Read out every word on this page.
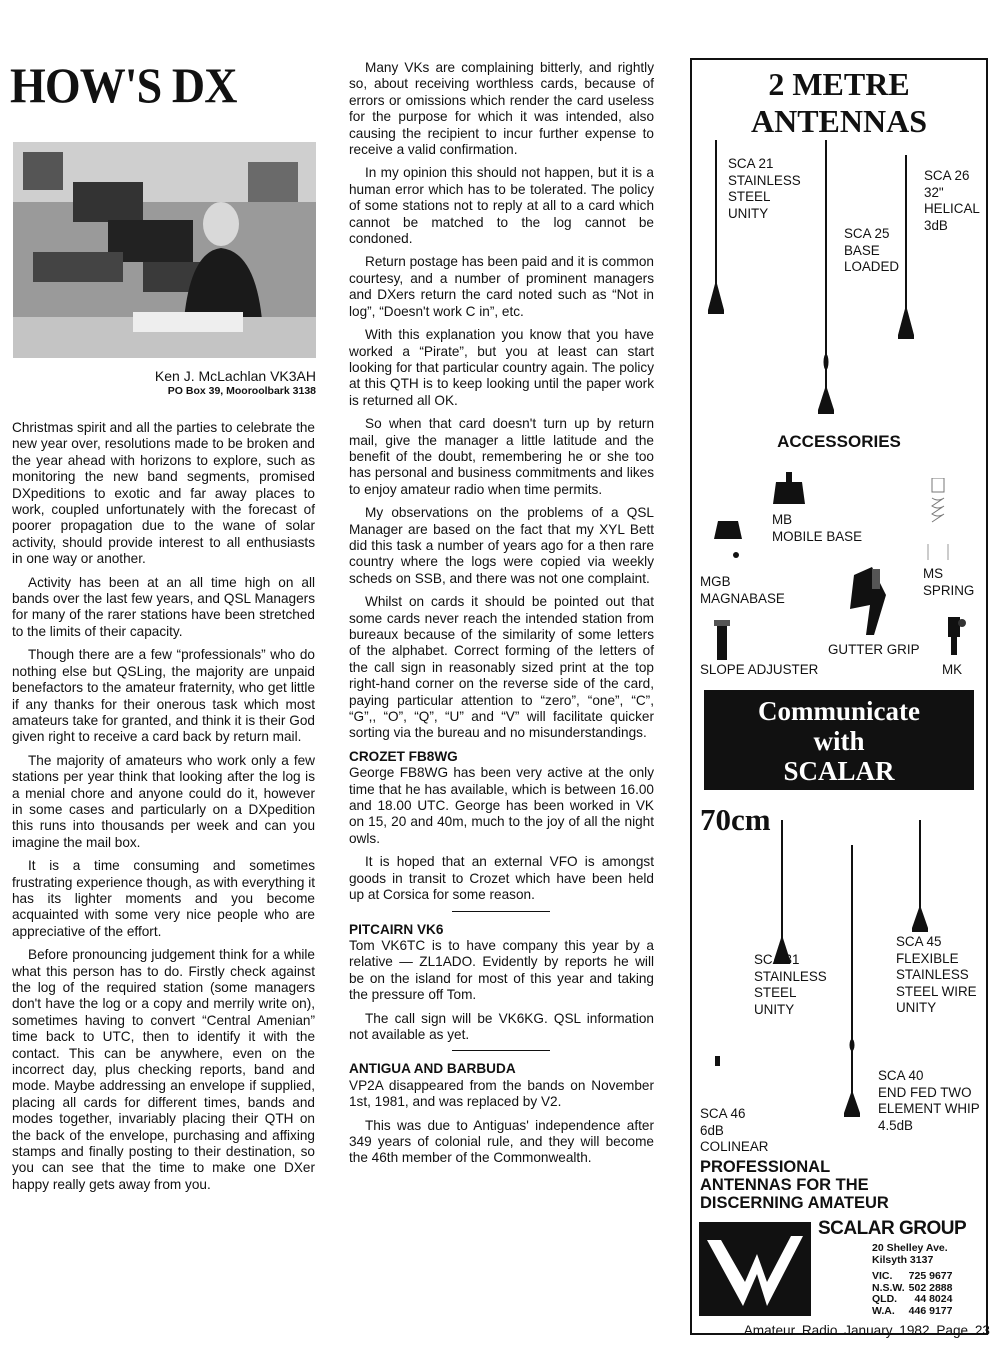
HOW'S DX
Ken J. McLachlan VK3AH
PO Box 39, Mooroolbark 3138

Christmas spirit and all the parties to celebrate the new year over, resolutions made to be broken and the year ahead with horizons to explore, such as monitoring the new band segments, promised DXpeditions to exotic and far away places to work, coupled unfortunately with the forecast of poorer propagation due to the wane of solar activity, should provide interest to all enthusiasts in one way or another.

Activity has been at an all time high on all bands over the last few years, and QSL Managers for many of the rarer stations have been stretched to the limits of their capacity.

Though there are a few “professionals” who do nothing else but QSLing, the majority are unpaid benefactors to the amateur fraternity, who get little if any thanks for their onerous task which most amateurs take for granted, and think it is their God given right to receive a card back by return mail.

The majority of amateurs who work only a few stations per year think that looking after the log is a menial chore and anyone could do it, however in some cases and particularly on a DXpedition this runs into thousands per week and can you imagine the mail box.

It is a time consuming and sometimes frustrating experience though, as with everything it has its lighter moments and you become acquainted with some very nice people who are appreciative of the effort.

Before pronouncing judgement think for a while what this person has to do. Firstly check against the log of the required station (some managers don't have the log or a copy and merrily write on), sometimes having to convert “Central Amenian” time back to UTC, then to identify it with the contact. This can be anywhere, even on the incorrect day, plus checking reports, band and mode. Maybe addressing an envelope if supplied, placing all cards for different times, bands and modes together, invariably placing their QTH on the back of the envelope, purchasing and affixing stamps and finally posting to their destination, so you can see that the time to make one DXer happy really gets away from you.

Many VKs are complaining bitterly, and rightly so, about receiving worthless cards, because of errors or omissions which render the card useless for the purpose for which it was intended, also causing the recipient to incur further expense to receive a valid confirmation.

In my opinion this should not happen, but it is a human error which has to be tolerated. The policy of some stations not to reply at all to a card which cannot be matched to the log cannot be condoned.

Return postage has been paid and it is common courtesy, and a number of prominent managers and DXers return the card noted such as “Not in log”, “Doesn't work C in”, etc.

With this explanation you know that you have worked a “Pirate”, but you at least can start looking for that particular country again. The policy at this QTH is to keep looking until the paper work is returned all OK.

So when that card doesn't turn up by return mail, give the manager a little latitude and the benefit of the doubt, remembering he or she too has personal and business commitments and likes to enjoy amateur radio when time permits.

My observations on the problems of a QSL Manager are based on the fact that my XYL Bett did this task a number of years ago for a then rare country where the logs were copied via weekly scheds on SSB, and there was not one complaint.

Whilst on cards it should be pointed out that some cards never reach the intended station from bureaux because of the similarity of some letters of the alphabet. Correct forming of the letters of the call sign in reasonably sized print at the top right-hand corner on the reverse side of the card, paying particular attention to “zero”, “one”, “C”, “G”,, “O”, “Q”, “U” and “V” will facilitate quicker sorting via the bureau and no misunderstandings.

CROZET FB8WG

George FB8WG has been very active at the only time that he has available, which is between 16.00 and 18.00 UTC. George has been worked in VK on 15, 20 and 40m, much to the joy of all the night owls.

It is hoped that an external VFO is amongst goods in transit to Crozet which have been held up at Corsica for some reason.

PITCAIRN VK6

Tom VK6TC is to have company this year by a relative — ZL1ADO. Evidently by reports he will be on the island for most of this year and taking the pressure off Tom.

The call sign will be VK6KG. QSL information not available as yet.

ANTIGUA AND BARBUDA

VP2A disappeared from the bands on November 1st, 1981, and was replaced by V2.

This was due to Antiguas' independence after 349 years of colonial rule, and they will become the 46th member of the Commonwealth.

2 METRE ANTENNAS
SCA 21
STAINLESS
STEEL
UNITY
SCA 25
BASE
LOADED
SCA 26
32"
HELICAL
3dB
ACCESSORIES
MB
MOBILE BASE
MGB
MAGNABASE
MS
SPRING
GUTTER GRIP
SLOPE ADJUSTER	MK
Communicate
with
SCALAR
70cm
SCA 31
STAINLESS
STEEL
UNITY
SCA 45
FLEXIBLE
STAINLESS
STEEL WIRE
UNITY
SCA 40
END FED TWO
ELEMENT WHIP
4.5dB
SCA 46
6dB
COLINEAR
PROFESSIONAL
ANTENNAS FOR THE
DISCERNING AMATEUR
SCALAR GROUP
20 Shelley Ave.
Kilsyth 3137
VIC.	725 9677
N.S.W.	502 2888
QLD.	44 8024
W.A.	446 9177
Amateur Radio January 1982 Page 23
